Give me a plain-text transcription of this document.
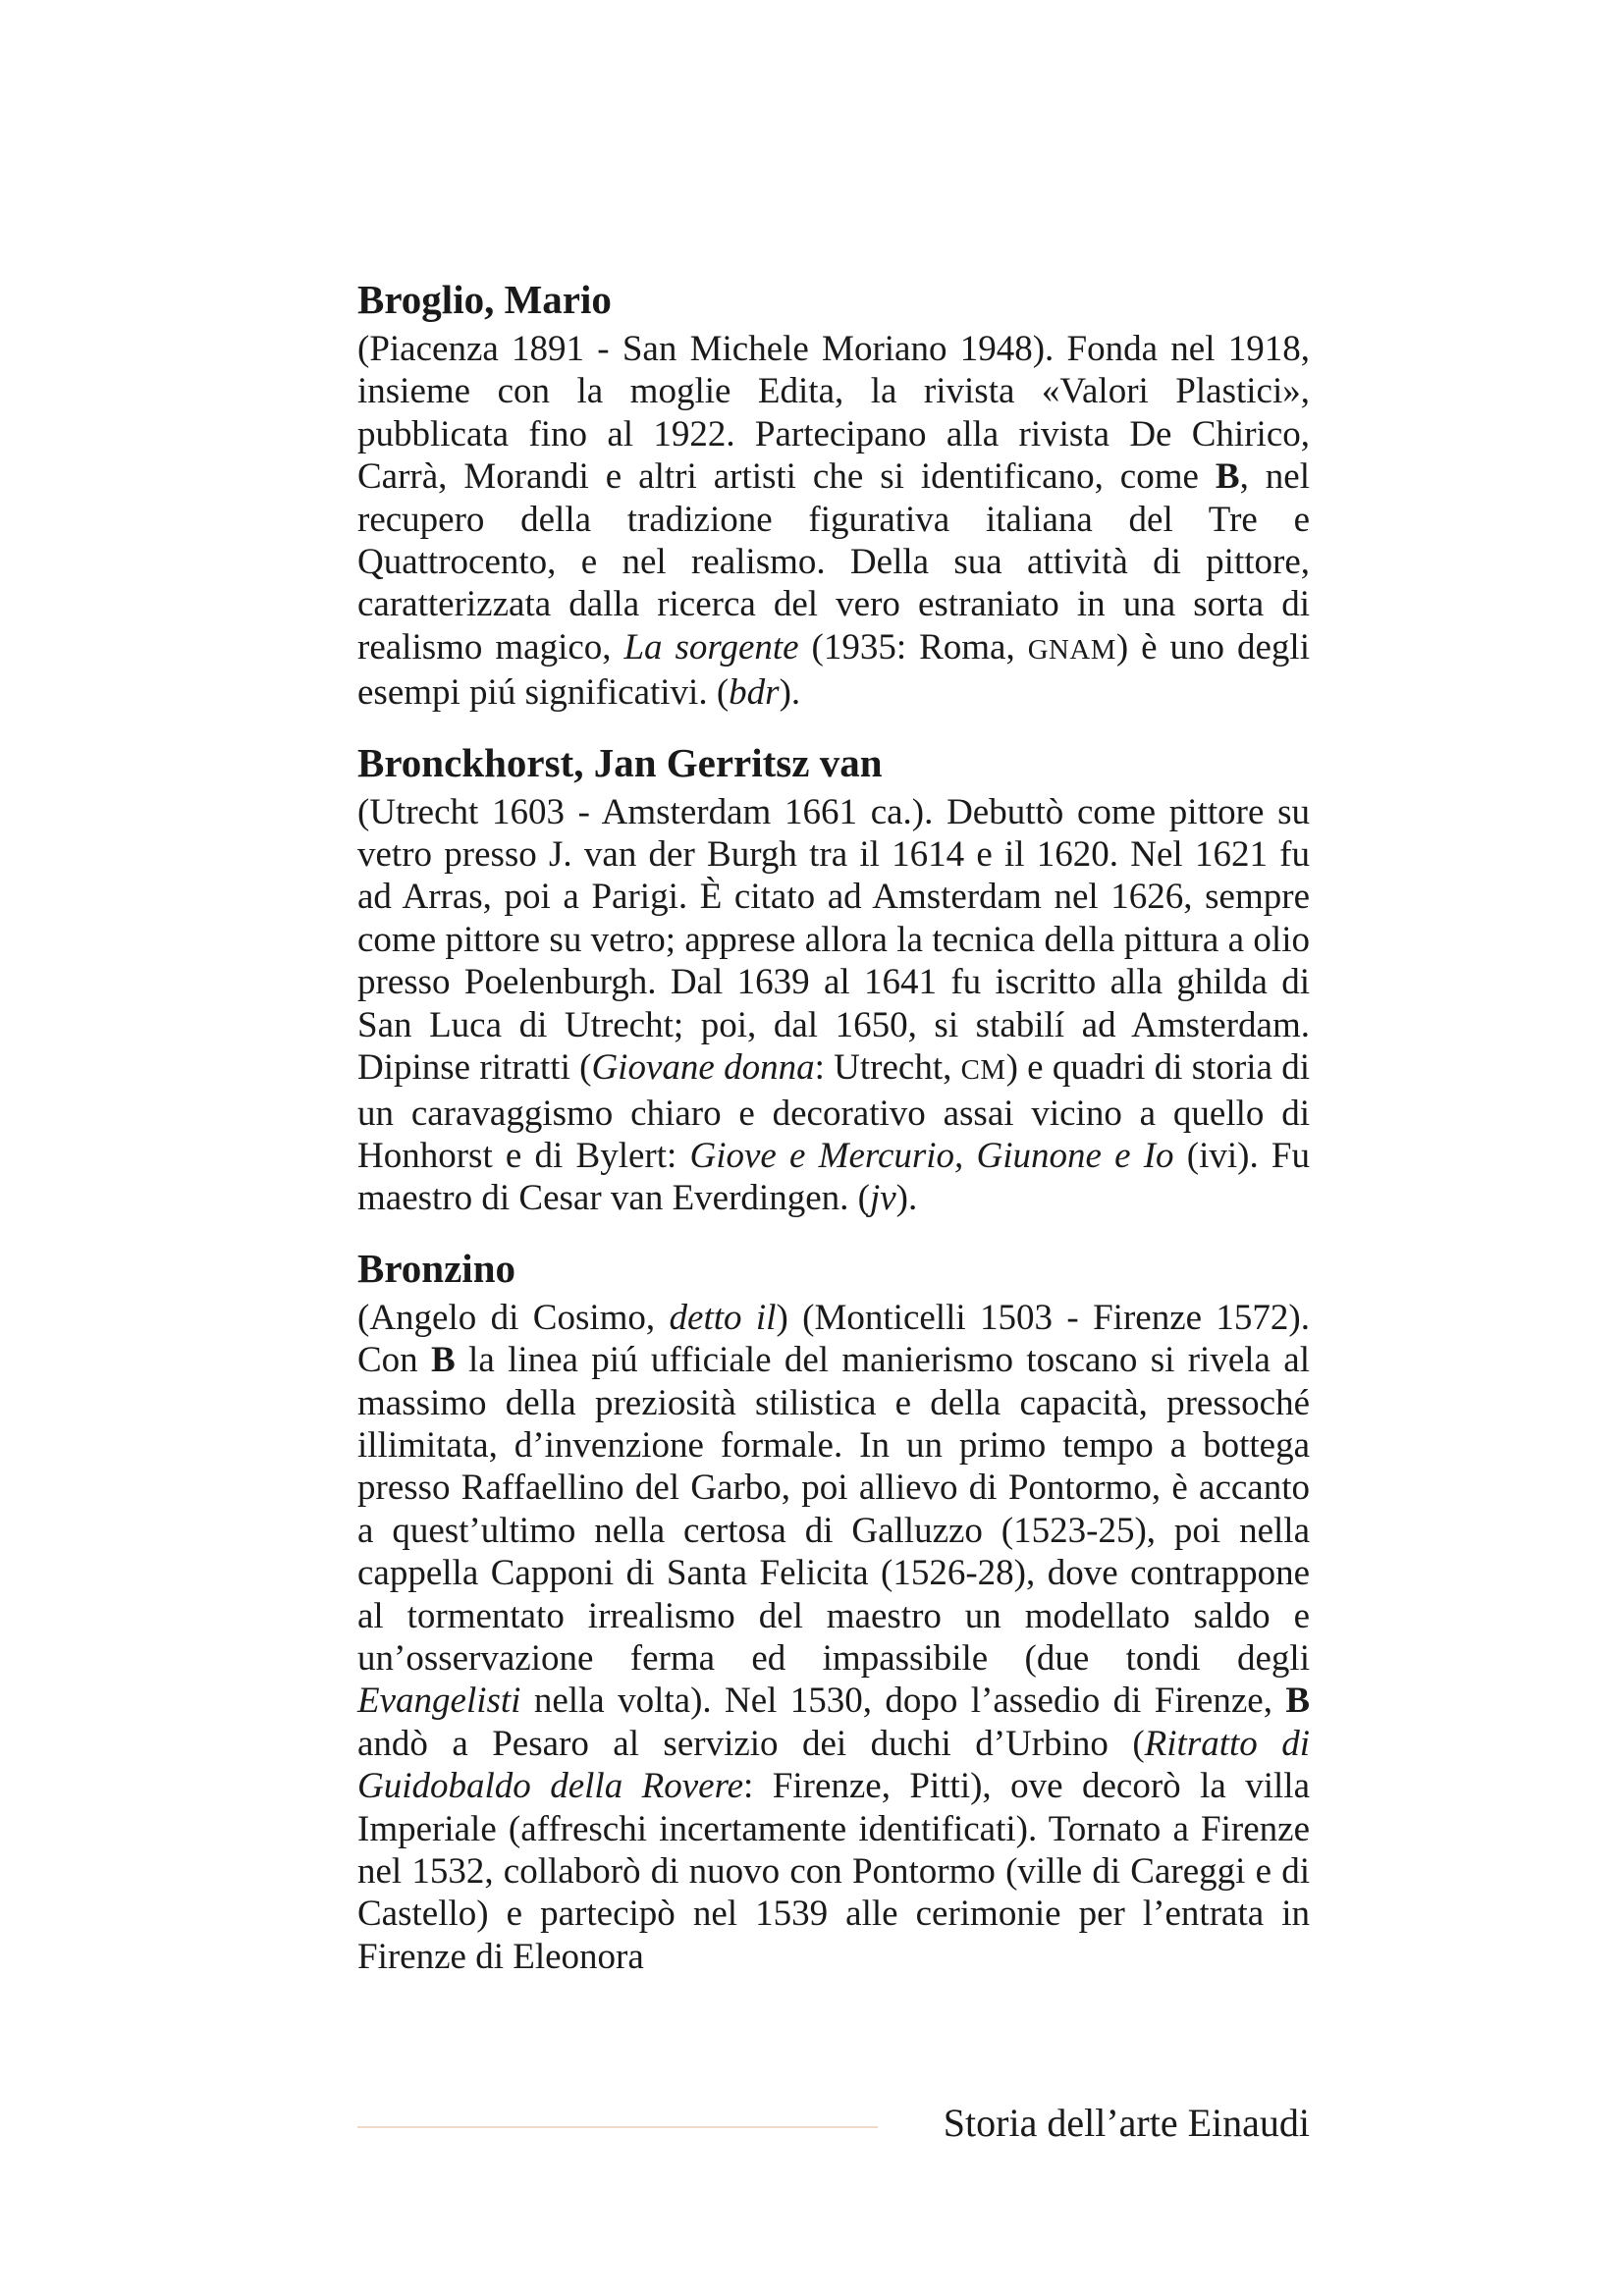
Broglio, Mario

(Piacenza 1891 - San Michele Moriano 1948). Fonda nel 1918, insieme con la moglie Edita, la rivista «Valori Plastici», pubblicata fino al 1922. Partecipano alla rivista De Chirico, Carrà, Morandi e altri artisti che si identificano, come B, nel recupero della tradizione figurativa italiana del Tre e Quattrocento, e nel realismo. Della sua attività di pittore, caratterizzata dalla ricerca del vero estraniato in una sorta di realismo magico, La sorgente (1935: Roma, GNAM) è uno degli esempi piú significativi. (bdr).

Bronckhorst, Jan Gerritsz van

(Utrecht 1603 - Amsterdam 1661 ca.). Debuttò come pittore su vetro presso J. van der Burgh tra il 1614 e il 1620. Nel 1621 fu ad Arras, poi a Parigi. È citato ad Amsterdam nel 1626, sempre come pittore su vetro; apprese allora la tecnica della pittura a olio presso Poelenburgh. Dal 1639 al 1641 fu iscritto alla ghilda di San Luca di Utrecht; poi, dal 1650, si stabilí ad Amsterdam. Dipinse ritratti (Giovane donna: Utrecht, CM) e quadri di storia di un caravaggismo chiaro e decorativo assai vicino a quello di Honhorst e di Bylert: Giove e Mercurio, Giunone e Io (ivi). Fu maestro di Cesar van Everdingen. (jv).

Bronzino

(Angelo di Cosimo, detto il) (Monticelli 1503 - Firenze 1572). Con B la linea piú ufficiale del manierismo toscano si rivela al massimo della preziosità stilistica e della capacità, pressoché illimitata, d’invenzione formale. In un primo tempo a bottega presso Raffaellino del Garbo, poi allievo di Pontormo, è accanto a quest’ultimo nella certosa di Galluzzo (1523-25), poi nella cappella Capponi di Santa Felicita (1526-28), dove contrappone al tormentato irrealismo del maestro un modellato saldo e un’osservazione ferma ed impassibile (due tondi degli Evangelisti nella volta). Nel 1530, dopo l’assedio di Firenze, B andò a Pesaro al servizio dei duchi d’Urbino (Ritratto di Guidobaldo della Rovere: Firenze, Pitti), ove decorò la villa Imperiale (affreschi incertamente identificati). Tornato a Firenze nel 1532, collaborò di nuovo con Pontormo (ville di Careggi e di Castello) e partecipò nel 1539 alle cerimonie per l’entrata in Firenze di Eleonora

Storia dell’arte Einaudi
